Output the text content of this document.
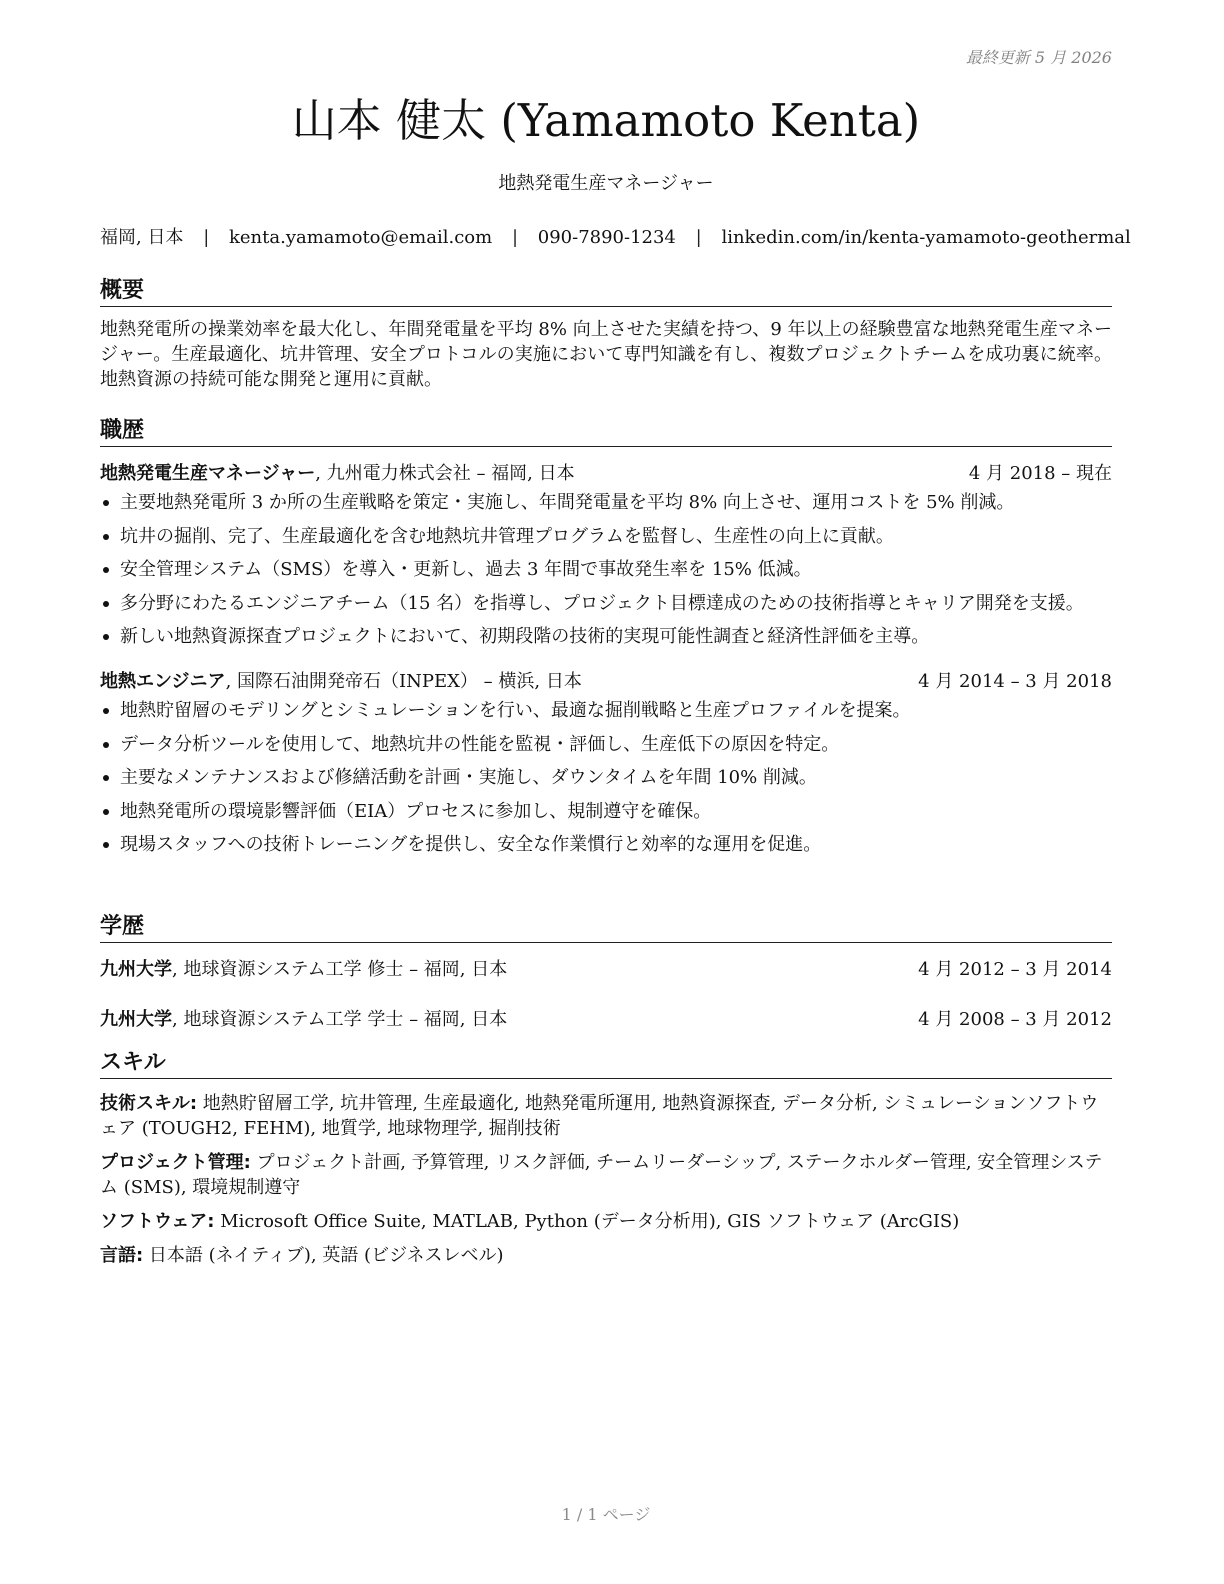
最終更新 5 月 2026
山本 健太 (Yamamoto Kenta)
地熱発電生産マネージャー
福岡, 日本 | kenta.yamamoto@email.com | 090-7890-1234 | linkedin.com/in/kenta-yamamoto-geothermal
概要
地熱発電所の操業効率を最大化し、年間発電量を平均 8% 向上させた実績を持つ、9 年以上の経験豊富な地熱発電生産マネージャー。生産最適化、坑井管理、安全プロトコルの実施において専門知識を有し、複数プロジェクトチームを成功裏に統率。地熱資源の持続可能な開発と運用に貢献。
職歴
地熱発電生産マネージャー, 九州電力株式会社 – 福岡, 日本	4 月 2018 – 現在
主要地熱発電所 3 か所の生産戦略を策定・実施し、年間発電量を平均 8% 向上させ、運用コストを 5% 削減。
坑井の掘削、完了、生産最適化を含む地熱坑井管理プログラムを監督し、生産性の向上に貢献。
安全管理システム（SMS）を導入・更新し、過去 3 年間で事故発生率を 15% 低減。
多分野にわたるエンジニアチーム（15 名）を指導し、プロジェクト目標達成のための技術指導とキャリア開発を支援。
新しい地熱資源探査プロジェクトにおいて、初期段階の技術的実現可能性調査と経済性評価を主導。
地熱エンジニア, 国際石油開発帝石（INPEX） – 横浜, 日本	4 月 2014 – 3 月 2018
地熱貯留層のモデリングとシミュレーションを行い、最適な掘削戦略と生産プロファイルを提案。
データ分析ツールを使用して、地熱坑井の性能を監視・評価し、生産低下の原因を特定。
主要なメンテナンスおよび修繕活動を計画・実施し、ダウンタイムを年間 10% 削減。
地熱発電所の環境影響評価（EIA）プロセスに参加し、規制遵守を確保。
現場スタッフへの技術トレーニングを提供し、安全な作業慣行と効率的な運用を促進。
学歴
九州大学, 地球資源システム工学 修士 – 福岡, 日本	4 月 2012 – 3 月 2014
九州大学, 地球資源システム工学 学士 – 福岡, 日本	4 月 2008 – 3 月 2012
スキル
技術スキル: 地熱貯留層工学, 坑井管理, 生産最適化, 地熱発電所運用, 地熱資源探査, データ分析, シミュレーションソフトウェア (TOUGH2, FEHM), 地質学, 地球物理学, 掘削技術
プロジェクト管理: プロジェクト計画, 予算管理, リスク評価, チームリーダーシップ, ステークホルダー管理, 安全管理システム (SMS), 環境規制遵守
ソフトウェア: Microsoft Office Suite, MATLAB, Python (データ分析用), GIS ソフトウェア (ArcGIS)
言語: 日本語 (ネイティブ), 英語 (ビジネスレベル)
1 / 1 ページ
